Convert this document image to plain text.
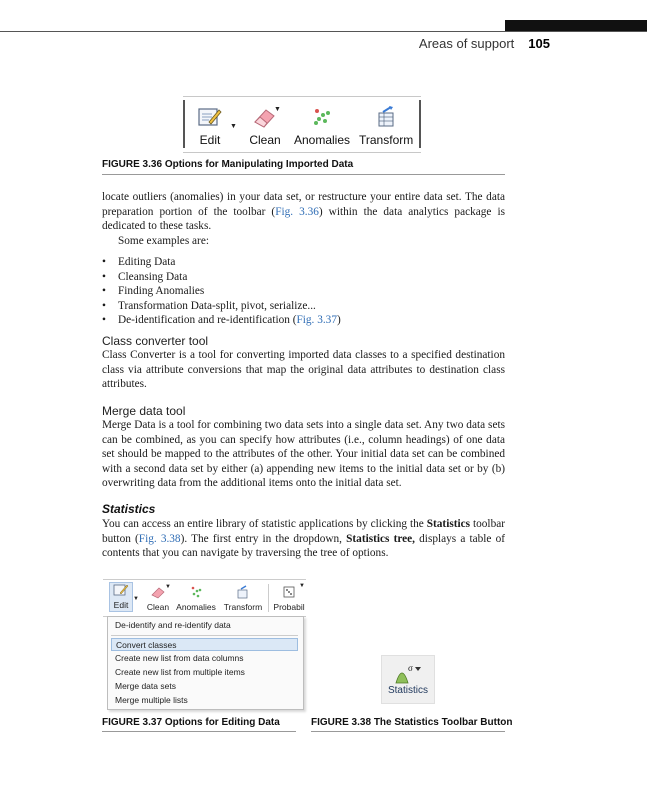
Areas of support 105
Edit
▼
Clean
▼
Anomalies Transform
FIGURE 3.36 Options for Manipulating Imported Data

locate outliers (anomalies) in your data set, or restructure your entire data set. The data preparation portion of the toolbar (Fig. 3.36) within the data analytics package is dedicated to these tasks.

Some examples are:

• Editing Data
• Cleansing Data
• Finding Anomalies
• Transformation Data-split, pivot, serialize...
• De-identification and re-identification (Fig. 3.37)
Class converter tool

Class Converter is a tool for converting imported data classes to a specified destination class via attribute conversions that map the original data attributes to destination class attributes.

Merge data tool

Merge Data is a tool for combining two data sets into a single data set. Any two data sets can be combined, as you can specify how attributes (i.e., column headings) of one data set should be mapped to the attributes of the other. Your initial data set can be combined with a second data set by either (a) appending new items to the initial data set or by (b) overwriting data from the additional items onto the initial data set.

Statistics

You can access an entire library of statistic applications by clicking the Statistics toolbar button (Fig. 3.38). The first entry in the dropdown, Statistics tree, displays a table of contents that you can navigate by traversing the tree of options.

Edit
▼
Clean
▼
Anomalies Transform	Probabil
▼
De-identify and re-identify data
Convert classes
Create new list from data columns
Create new list from multiple items
Merge data sets
Merge multiple lists
σ
Statistics
FIGURE 3.37 Options for Editing Data	FIGURE 3.38 The Statistics Toolbar Button
